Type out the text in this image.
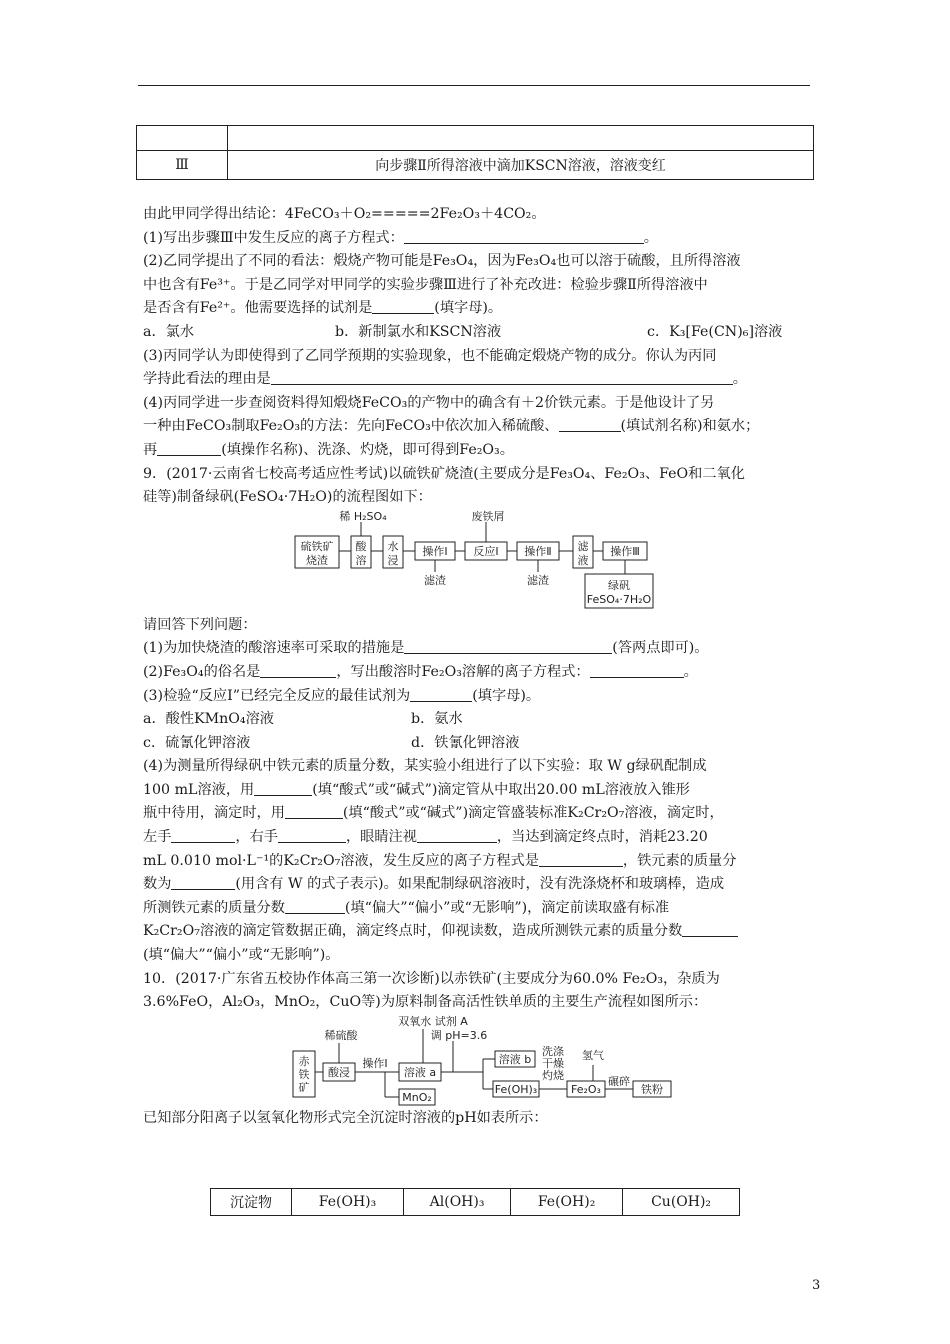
Ⅲ	向步骤Ⅱ所得溶液中滴加KSCN溶液，溶液变红

由此甲同学得出结论：4FeCO₃＋O₂=====2Fe₂O₃＋4CO₂。

(1)写出步骤Ⅲ中发生反应的离子方程式：	。

(2)乙同学提出了不同的看法：煅烧产物可能是Fe₃O₄，因为Fe₃O₄也可以溶于硫酸，且所得溶液

中也含有Fe³⁺。于是乙同学对甲同学的实验步骤Ⅲ进行了补充改进：检验步骤Ⅱ所得溶液中

是否含有Fe²⁺。他需要选择的试剂是	(填字母)。

a．氯水	b．新制氯水和KSCN溶液	c．K₃[Fe(CN)₆]溶液

(3)丙同学认为即使得到了乙同学预期的实验现象，也不能确定煅烧产物的成分。你认为丙同

学持此看法的理由是	。

(4)丙同学进一步查阅资料得知煅烧FeCO₃的产物中的确含有＋2价铁元素。于是他设计了另

一种由FeCO₃制取Fe₂O₃的方法：先向FeCO₃中依次加入稀硫酸、	(填试剂名称)和氨水；

再	(填操作名称)、洗涤、灼烧，即可得到Fe₂O₃。

9．(2017·云南省七校高考适应性考试)以硫铁矿烧渣(主要成分是Fe₃O₄、Fe₂O₃、FeO和二氧化

硅等)制备绿矾(FeSO₄·7H₂O)的流程图如下：

稀 H₂SO₄	废铁屑
硫铁矿
烧渣
酸
溶
水
浸
操作Ⅰ 反应Ⅰ 操作Ⅱ 滤
液
操作Ⅲ
滤渣	滤渣	绿矾
FeSO₄·7H₂O

请回答下列问题：

(1)为加快烧渣的酸溶速率可采取的措施是	(答两点即可)。

(2)Fe₃O₄的俗名是	，写出酸溶时Fe₂O₃溶解的离子方程式：	。

(3)检验“反应Ⅰ”已经完全反应的最佳试剂为	(填字母)。

a．酸性KMnO₄溶液	b．氨水

c．硫氰化钾溶液	d．铁氰化钾溶液

(4)为测量所得绿矾中铁元素的质量分数，某实验小组进行了以下实验：取 W g绿矾配制成

100 mL溶液，用	(填“酸式”或“碱式”)滴定管从中取出20.00 mL溶液放入锥形

瓶中待用，滴定时，用	(填“酸式”或“碱式”)滴定管盛装标准K₂Cr₂O₇溶液，滴定时，

左手	，右手	，眼睛注视	，当达到滴定终点时，消耗23.20

mL 0.010 mol·L⁻¹的K₂Cr₂O₇溶液，发生反应的离子方程式是	，铁元素的质量分

数为	(用含有 W 的式子表示)。如果配制绿矾溶液时，没有洗涤烧杯和玻璃棒，造成

所测铁元素的质量分数	(填“偏大”“偏小”或“无影响”)，滴定前读取盛有标准

K₂Cr₂O₇溶液的滴定管数据正确，滴定终点时，仰视读数，造成所测铁元素的质量分数

(填“偏大”“偏小”或“无影响”)。

10．(2017·广东省五校协作体高三第一次诊断)以赤铁矿(主要成分为60.0% Fe₂O₃，杂质为

3.6%FeO，Al₂O₃，MnO₂，CuO等)为原料制备高活性铁单质的主要生产流程如图所示：

双氧水 试剂 A
调 pH=3.6
稀硫酸
赤
铁
矿
酸浸
操作Ⅰ
溶液 a
MnO₂
溶液 b
Fe(OH)₃
洗涤
干燥
灼烧
Fe₂O₃
氢气
碾碎
铁粉

已知部分阳离子以氢氧化物形式完全沉淀时溶液的pH如表所示：

沉淀物	Fe(OH)₃	Al(OH)₃	Fe(OH)₂	Cu(OH)₂
3
